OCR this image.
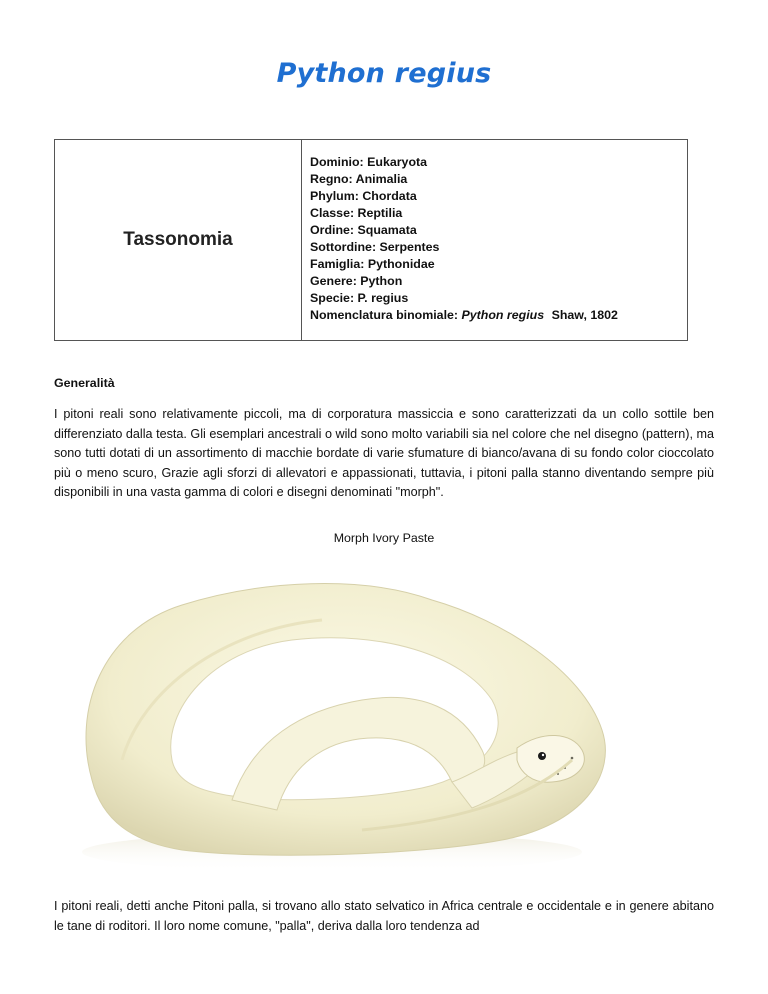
Python regius
Tassonomia
Dominio: Eukaryota
Regno: Animalia
Phylum: Chordata
Classe: Reptilia
Ordine: Squamata
Sottordine: Serpentes
Famiglia: Pythonidae
Genere: Python
Specie: P. regius
Nomenclatura binomiale: Python regius Shaw, 1802
Generalità

I pitoni reali sono relativamente piccoli, ma di corporatura massiccia e sono caratterizzati da un collo sottile ben differenziato dalla testa. Gli esemplari ancestrali o wild sono molto variabili sia nel colore che nel disegno (pattern), ma sono tutti dotati di un assortimento di macchie bordate di varie sfumature di bianco/avana di su fondo color cioccolato più o meno scuro, Grazie agli sforzi di allevatori e appassionati, tuttavia, i pitoni palla stanno diventando sempre più disponibili in una vasta gamma di colori e disegni denominati "morph".

Morph Ivory Paste

I pitoni reali, detti anche Pitoni palla, si trovano allo stato selvatico in Africa centrale e occidentale e in genere abitano le tane di roditori. Il loro nome comune, "palla", deriva dalla loro tendenza ad
